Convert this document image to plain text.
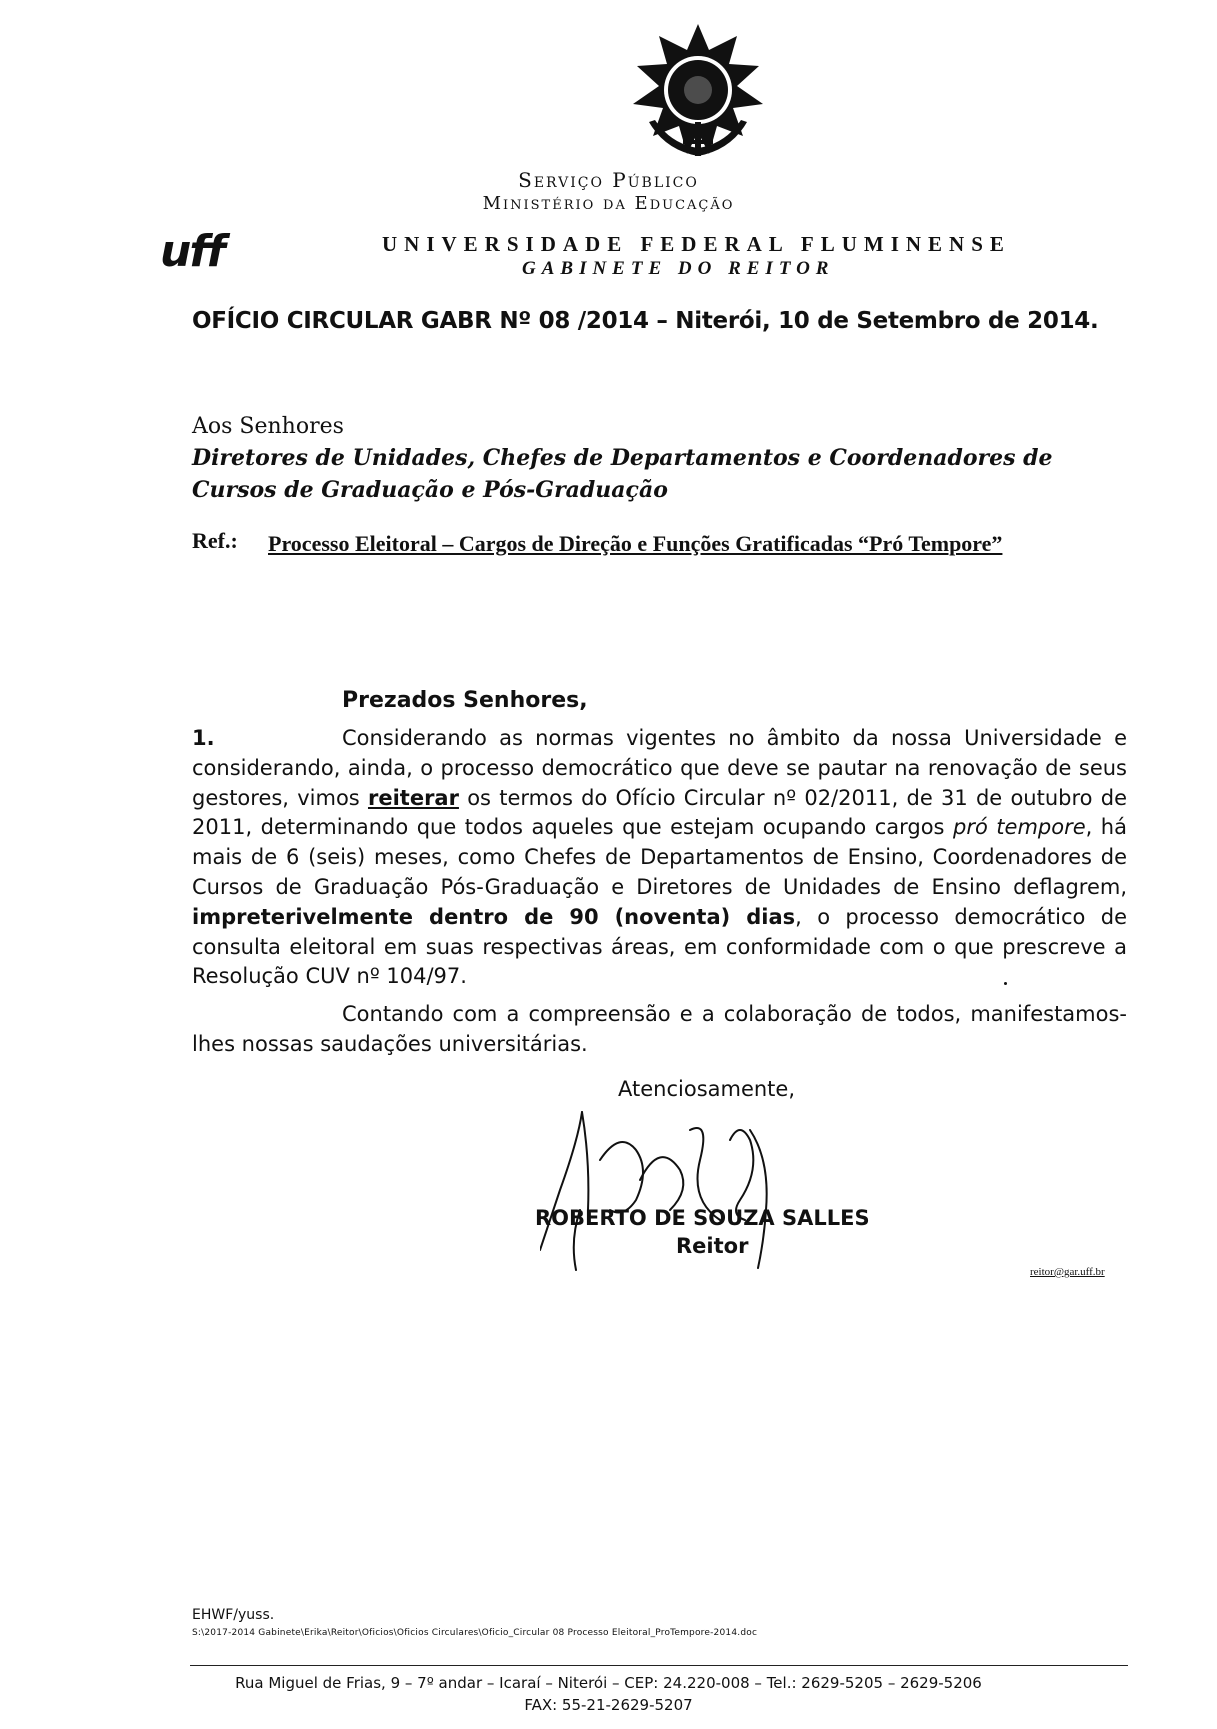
Serviço Público
Ministério da Educação
uff	UNIVERSIDADE FEDERAL FLUMINENSE
GABINETE DO REITOR
OFÍCIO CIRCULAR GABR Nº 08 /2014 – Niterói, 10 de Setembro de 2014.
Aos Senhores
Diretores de Unidades, Chefes de Departamentos e Coordenadores de Cursos de Graduação e Pós-Graduação
Ref.: Processo Eleitoral – Cargos de Direção e Funções Gratificadas “Pró Tempore”
Prezados Senhores,
1.	Considerando as normas vigentes no âmbito da nossa Universidade e considerando, ainda, o processo democrático que deve se pautar na renovação de seus gestores, vimos reiterar os termos do Ofício Circular nº 02/2011, de 31 de outubro de 2011, determinando que todos aqueles que estejam ocupando cargos pró tempore, há mais de 6 (seis) meses, como Chefes de Departamentos de Ensino, Coordenadores de Cursos de Graduação Pós-Graduação e Diretores de Unidades de Ensino deflagrem, impreterivelmente dentro de 90 (noventa) dias, o processo democrático de consulta eleitoral em suas respectivas áreas, em conformidade com o que prescreve a Resolução CUV nº 104/97.
Contando com a compreensão e a colaboração de todos, manifestamos-lhes nossas saudações universitárias.
Atenciosamente,
ROBERTO DE SOUZA SALLES
Reitor
reitor@gar.uff.br
EHWF/yuss.
S:\2017-2014 Gabinete\Erika\Reitor\Oficios\Oficios Circulares\Oficio_Circular 08 Processo Eleitoral_ProTempore-2014.doc
Rua Miguel de Frias, 9 – 7º andar – Icaraí – Niterói – CEP: 24.220-008 – Tel.: 2629-5205 – 2629-5206
FAX: 55-21-2629-5207
